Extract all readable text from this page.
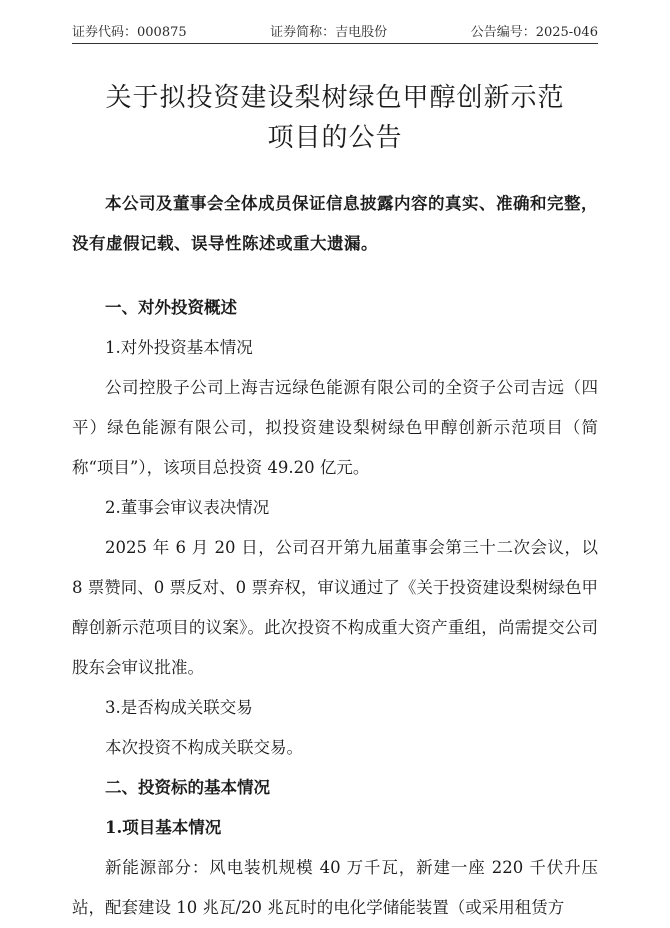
证券代码：000875	证券简称：吉电股份	公告编号：2025-046
关于拟投资建设梨树绿色甲醇创新示范
项目的公告

本公司及董事会全体成员保证信息披露内容的真实、准确和完整，

没有虚假记载、误导性陈述或重大遗漏。

一、对外投资概述

1.对外投资基本情况

公司控股子公司上海吉远绿色能源有限公司的全资子公司吉远（四平）绿色能源有限公司，拟投资建设梨树绿色甲醇创新示范项目（简称“项目”），该项目总投资 49.20 亿元。

2.董事会审议表决情况

2025 年 6 月 20 日，公司召开第九届董事会第三十二次会议，以 8 票赞同、0 票反对、0 票弃权，审议通过了《关于投资建设梨树绿色甲醇创新示范项目的议案》。此次投资不构成重大资产重组，尚需提交公司股东会审议批准。

3.是否构成关联交易

本次投资不构成关联交易。

二、投资标的基本情况

1.项目基本情况

新能源部分：风电装机规模 40 万千瓦，新建一座 220 千伏升压站，配套建设 10 兆瓦/20 兆瓦时的电化学储能装置（或采用租赁方
